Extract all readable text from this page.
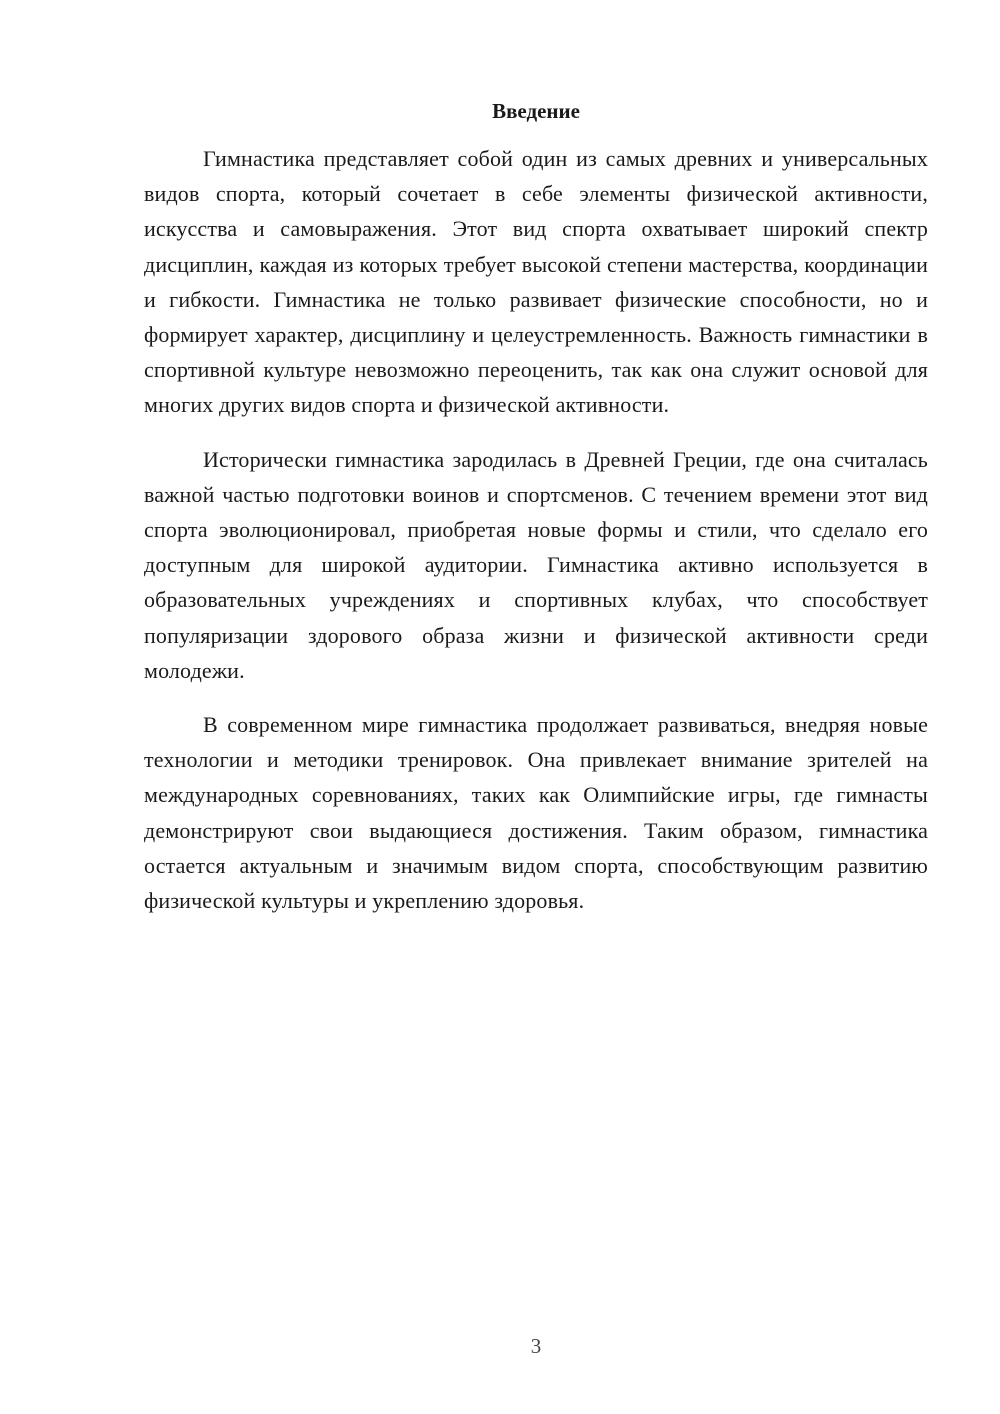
Введение

Гимнастика представляет собой один из самых древних и универсальных видов спорта, который сочетает в себе элементы физической активности, искусства и самовыражения. Этот вид спорта охватывает широкий спектр дисциплин, каждая из которых требует высокой степени мастерства, координации и гибкости. Гимнастика не только развивает физические способности, но и формирует характер, дисциплину и целеустремленность. Важность гимнастики в спортивной культуре невозможно переоценить, так как она служит основой для многих других видов спорта и физической активности.

Исторически гимнастика зародилась в Древней Греции, где она считалась важной частью подготовки воинов и спортсменов. С течением времени этот вид спорта эволюционировал, приобретая новые формы и стили, что сделало его доступным для широкой аудитории. Гимнастика активно используется в образовательных учреждениях и спортивных клубах, что способствует популяризации здорового образа жизни и физической активности среди молодежи.

В современном мире гимнастика продолжает развиваться, внедряя новые технологии и методики тренировок. Она привлекает внимание зрителей на международных соревнованиях, таких как Олимпийские игры, где гимнасты демонстрируют свои выдающиеся достижения. Таким образом, гимнастика остается актуальным и значимым видом спорта, способствующим развитию физической культуры и укреплению здоровья.

3
